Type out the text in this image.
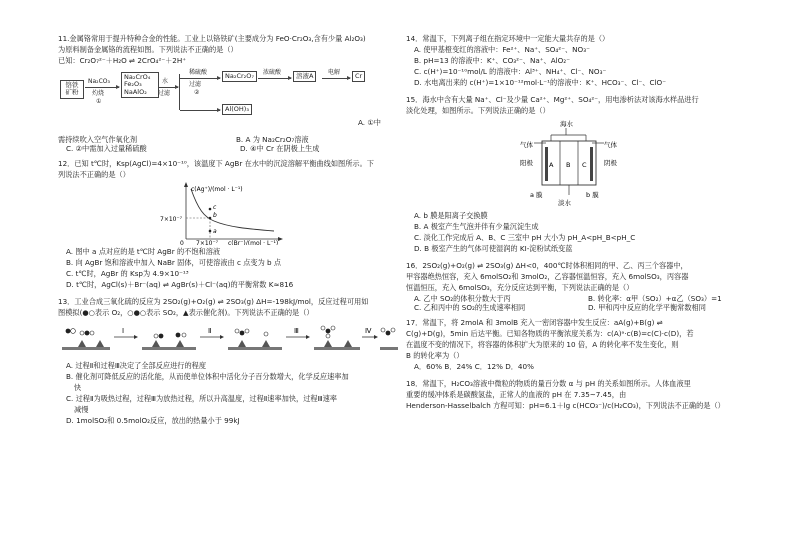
11.金属铬常用于提升特种合金的性能。工业上以铬铁矿(主要成分为 FeO·Cr₂O₃,含有少量 Al₂O₃)
为原料制备金属铬的流程如图。下列说法不正确的是（）
已知：Cr₂O₇²⁻＋H₂O ⇌ 2CrO₄²⁻＋2H⁺
铬铁矿粉
Na₂CO₃
灼烧
①
Na₂CrO₄
Fe₂O₃
NaAlO₂
水
过滤
稀硫酸
过滤
②
Na₂Cr₂O₇	浓硫酸	溶液A	电解	Cr
Al(OH)₃
A. ①中
需持续吹入空气作氧化剂	B. A 为 Na₂Cr₂O₇溶液
C. ②中需加入过量稀硫酸	D. ④中 Cr 在阴极上生成
12．已知 t℃时，Ksp(AgCl)=4×10⁻¹⁰，该温度下 AgBr 在水中的沉淀溶解平衡曲线如图所示。下
列说法不正确的是（）
c(Ag⁺)/(mol · L⁻¹)
7×10⁻⁷
7×10⁻⁷ c(Br⁻)/(mol · L⁻¹)
0
a
b
c
A. 图中 a 点对应的是 t℃时 AgBr 的不饱和溶液
B. 向 AgBr 饱和溶液中加入 NaBr 固体，可使溶液由 c 点变为 b 点
C. t℃时，AgBr 的 Ksp为 4.9×10⁻¹³
D. t℃时，AgCl(s)＋Br⁻(aq) ⇌ AgBr(s)＋Cl⁻(aq)的平衡常数 K≈816
13．工业合成三氧化硫的反应为 2SO₂(g)+O₂(g) ⇌ 2SO₃(g) ΔH=-198kJ/mol，反应过程可用如
图模拟(●○表示 O₂，○●○表示 SO₂，▲表示催化剂)。下列说法不正确的是（）
Ⅰ	Ⅱ	Ⅲ	Ⅳ
A. 过程Ⅱ和过程Ⅲ决定了全部反应进行的程度
B. 催化剂可降低反应的活化能，从而使单位体积中活化分子百分数增大，化学反应速率加
快
C. 过程Ⅱ为吸热过程，过程Ⅲ为放热过程，所以升高温度，过程Ⅱ速率加快，过程Ⅲ速率
减慢
D. 1molSO₂和 0.5molO₂反应，放出的热量小于 99kJ
14．常温下，下列离子组在指定环境中一定能大量共存的是（）
A. 使甲基橙变红的溶液中：Fe²⁺、Na⁺、SO₄²⁻、NO₃⁻
B. pH=13 的溶液中：K⁺、CO₃²⁻、Na⁺、AlO₂⁻
C. c(H⁺)=10⁻¹⁰mol/L 的溶液中：Al³⁺、NH₄⁺、Cl⁻、NO₃⁻
D. 水电离出来的 c(H⁺)=1×10⁻¹²mol·L⁻¹的溶液中：K⁺、HCO₃⁻、Cl⁻、ClO⁻
15．海水中含有大量 Na⁺、Cl⁻及少量 Ca²⁺、Mg²⁺、SO₄²⁻，用电渗析法对该海水样品进行
淡化处理，如图所示。下列说法正确的是（）
海水
A B C
气体	气体
阳极	阴极
a 膜
淡水
b 膜
A. b 膜是阳离子交换膜
B. A 极室产生气泡并伴有少量沉淀生成
C. 淡化工作完成后 A、B、C 三室中 pH 大小为 pH_A<pH_B<pH_C
D. B 极室产生的气体可使湿润的 KI-淀粉试纸变蓝
16．2SO₂(g)+O₂(g) ⇌ 2SO₃(g) ΔH<0，400℃时体积相同的甲、乙、丙三个容器中，
甲容器绝热恒容，充入 6molSO₂和 3molO₂，乙容器恒温恒容，充入 6molSO₃，丙容器
恒温恒压，充入 6molSO₃，充分反应达到平衡，下列说法正确的是（）
A. 乙中 SO₂的体积分数大于丙	B. 转化率：α甲（SO₂）+α乙（SO₃）=1
C. 乙和丙中的 SO₂的生成速率相同	D. 甲和丙中反应的化学平衡常数相同
17．常温下，将 2molA 和 3molB 充入一密闭容器中发生反应：aA(g)+B(g) ⇌
C(g)+D(g)，5min 后达平衡。已知各物质的平衡浓度关系为：c(A)ᵃ·c(B)=c(C)·c(D)，若
在温度不变的情况下，将容器的体积扩大为原来的 10 倍，A 的转化率不发生变化，则
B 的转化率为（）
A．60% B．24% C．12% D．40%
18．常温下，H₂CO₃溶液中微粒的物质的量百分数 α 与 pH 的关系如图所示。人体血液里
重要的缓冲体系是碳酸氢盐，正常人的血液的 pH 在 7.35~7.45，由
Henderson-Hasselbalch 方程可知：pH=6.1＋lg c(HCO₃⁻)/c(H₂CO₃)，下列说法不正确的是（）
